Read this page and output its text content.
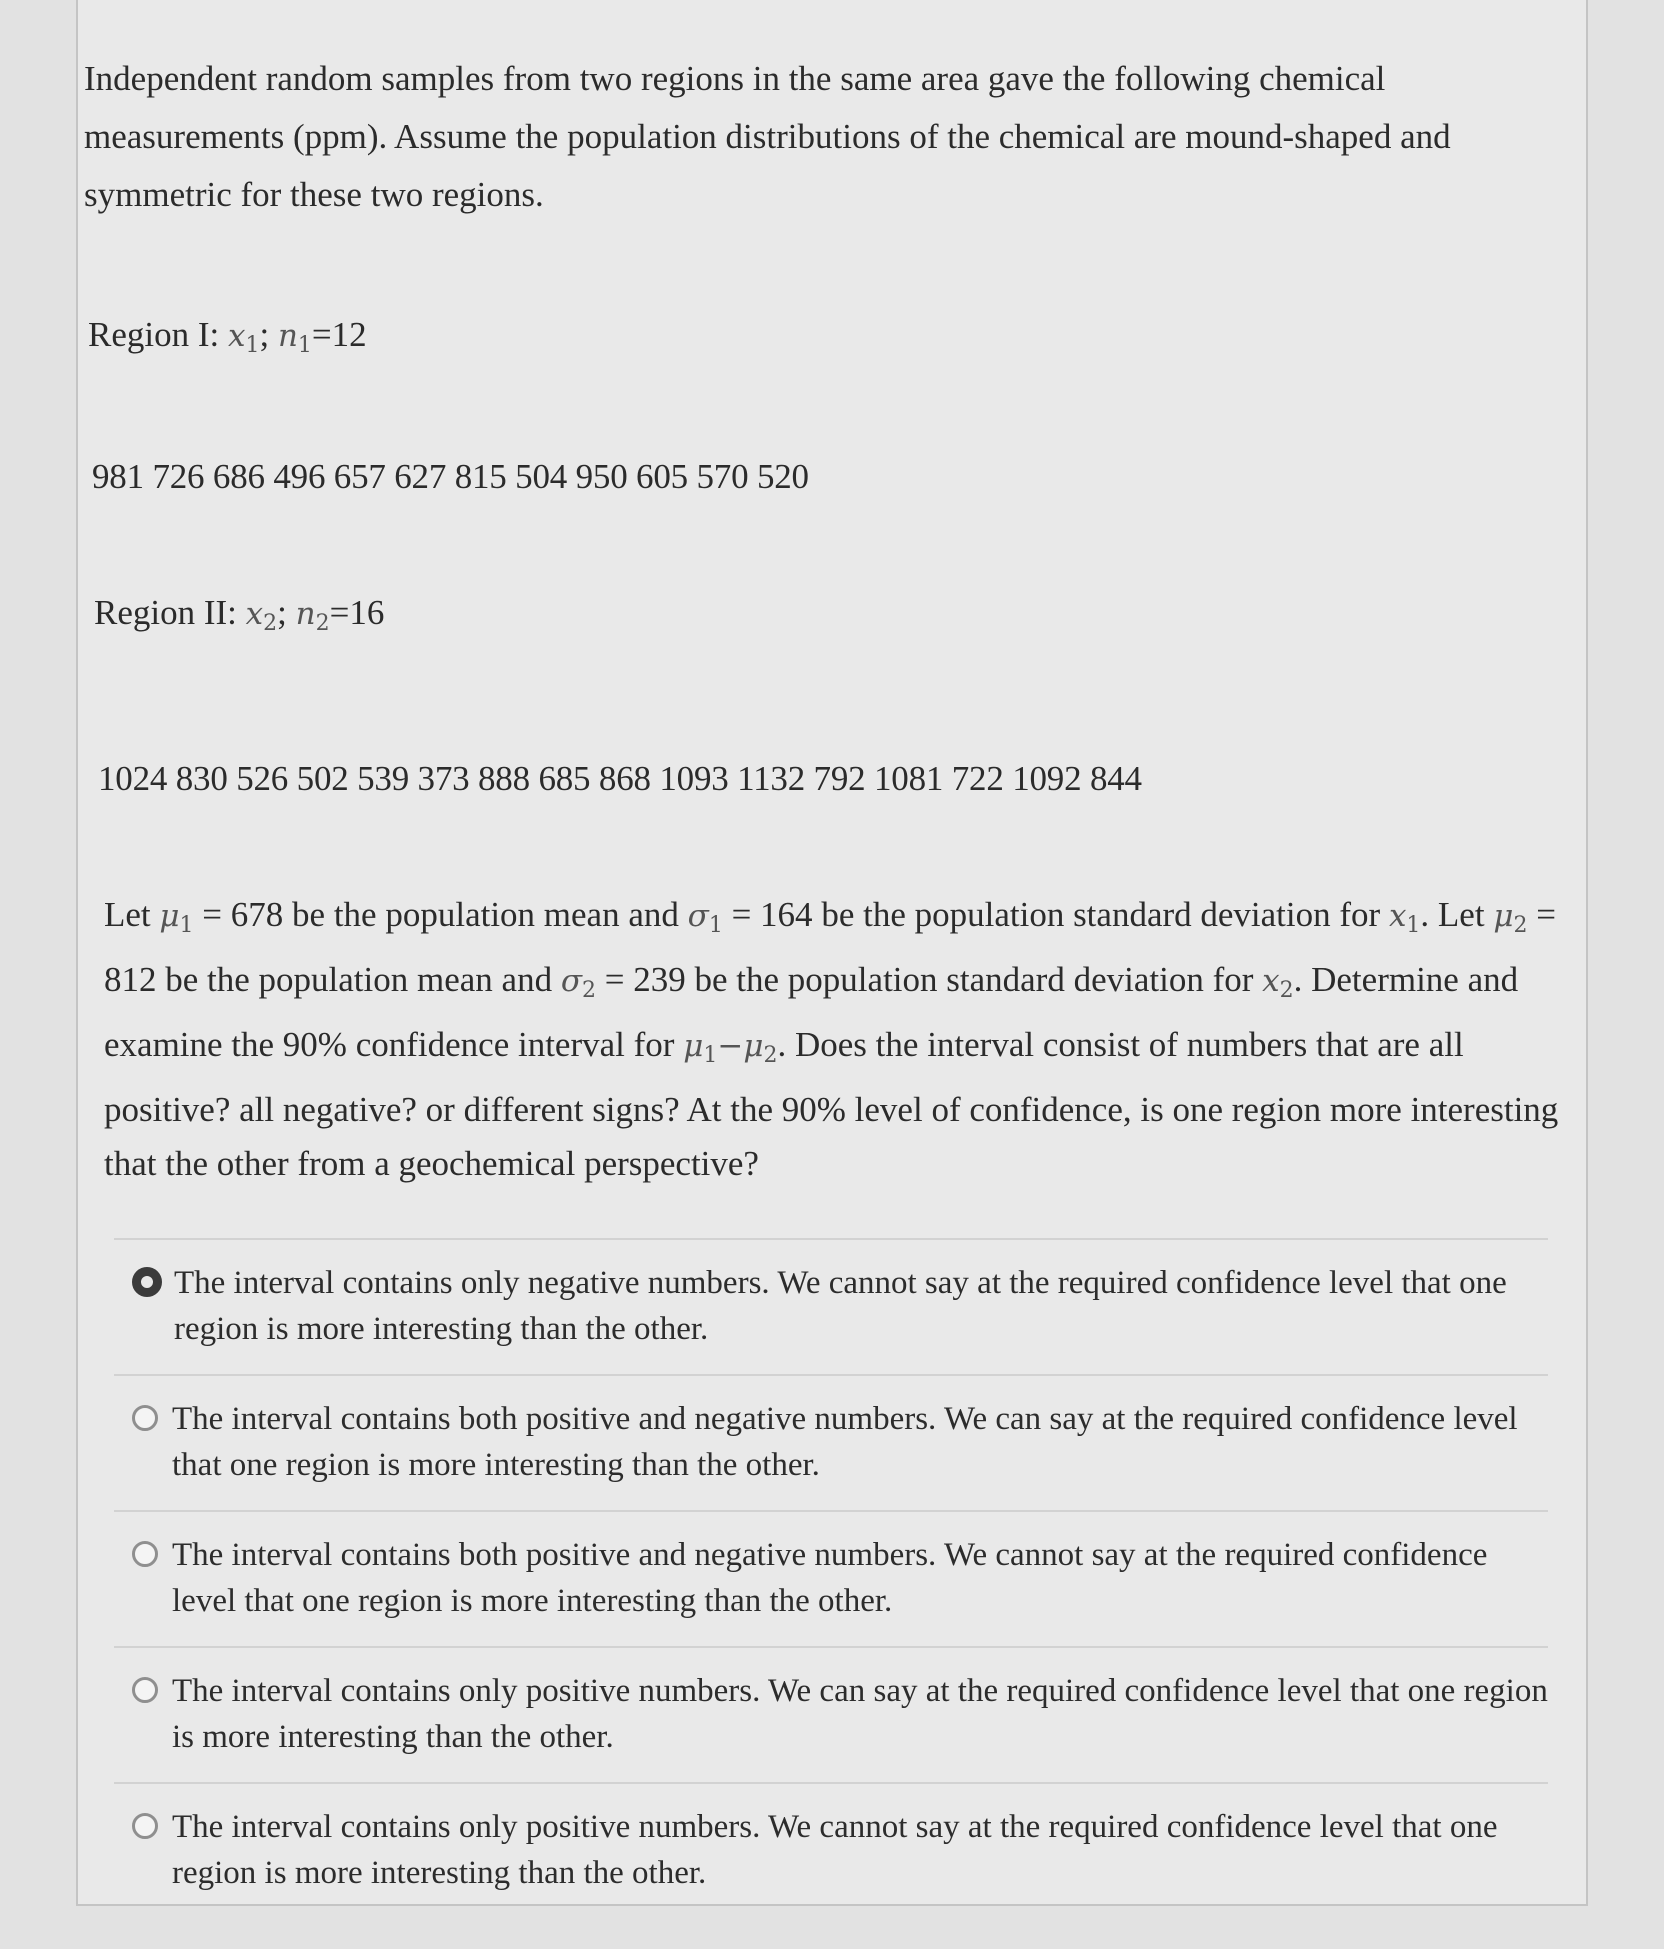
Independent random samples from two regions in the same area gave the following chemical measurements (ppm). Assume the population distributions of the chemical are mound-shaped and symmetric for these two regions.
Region I: $x_1$; $n_1=12$
981 726 686 496 657 627 815 504 950 605 570 520
Region II: $x_2$; $n_2=16$
1024 830 526 502 539 373 888 685 868 1093 1132 792 1081 722 1092 844
Let $\mu_1 = 678$ be the population mean and $\sigma_1 = 164$ be the population standard deviation for $x_1$. Let $\mu_2 = 812$ be the population mean and $\sigma_2 = 239$ be the population standard deviation for $x_2$. Determine and examine the 90% confidence interval for $\mu_1-\mu_2$. Does the interval consist of numbers that are all positive? all negative? or different signs? At the 90% level of confidence, is one region more interesting that the other from a geochemical perspective?
The interval contains only negative numbers. We cannot say at the required confidence level that one region is more interesting than the other.
The interval contains both positive and negative numbers. We can say at the required confidence level that one region is more interesting than the other.
The interval contains both positive and negative numbers. We cannot say at the required confidence level that one region is more interesting than the other.
The interval contains only positive numbers. We can say at the required confidence level that one region is more interesting than the other.
The interval contains only positive numbers. We cannot say at the required confidence level that one region is more interesting than the other.
